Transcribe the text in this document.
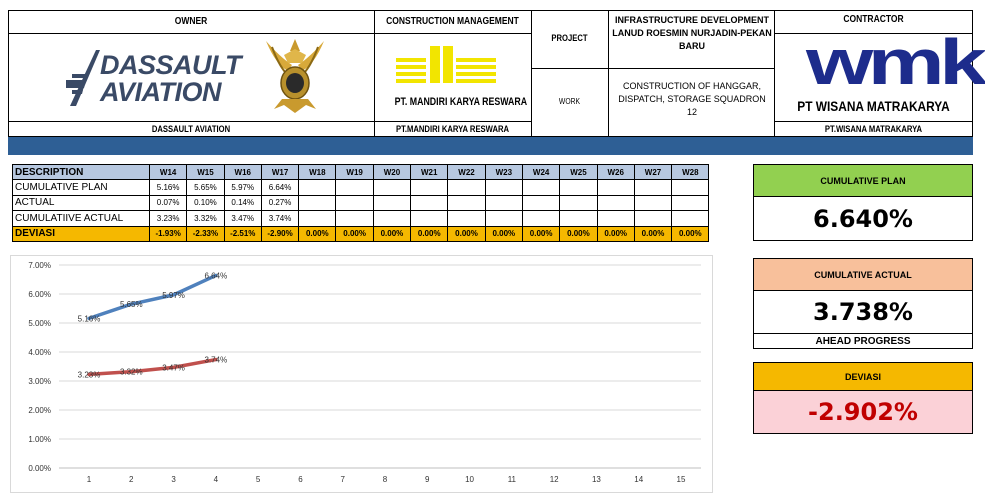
OWNER
DASSAULT AVIATION
CONSTRUCTION MANAGEMENT
PT.MANDIRI KARYA RESWARA
PROJECT
INFRASTRUCTURE DEVELOPMENT LANUD ROESMIN NURJADIN-PEKAN BARU
WORK
CONSTRUCTION OF HANGGAR, DISPATCH, STORAGE SQUADRON 12
CONTRACTOR
PT.WISANA MATRAKARYA
DASSAULT
AVIATION	PT. MANDIRI KARYA RESWARA
wmk
PT WISANA MATRAKARYA
DESCRIPTION	W14	W15	W16	W17	W18	W19	W20	W21	W22	W23	W24	W25	W26	W27	W28
CUMULATIVE PLAN	5.16%	5.65%	5.97%	6.64%											
ACTUAL	0.07%	0.10%	0.14%	0.27%											
CUMULATIIVE ACTUAL	3.23%	3.32%	3.47%	3.74%											
DEVIASI	-1.93%	-2.33%	-2.51%	-2.90%	0.00%	0.00%	0.00%	0.00%	0.00%	0.00%	0.00%	0.00%	0.00%	0.00%	0.00%
0.00%
1.00%
2.00%
3.00%
4.00%
5.00%
6.00%
7.00%
1	2	3	4	5	6	7	8	9	10	11	12	13	14	15
5.16%
5.65%
5.97%
6.64%
3.23% 3.32% 3.47%
3.74%
CUMULATIVE PLAN
6.640%
CUMULATIVE ACTUAL
3.738%
AHEAD PROGRESS
DEVIASI
-2.902%
